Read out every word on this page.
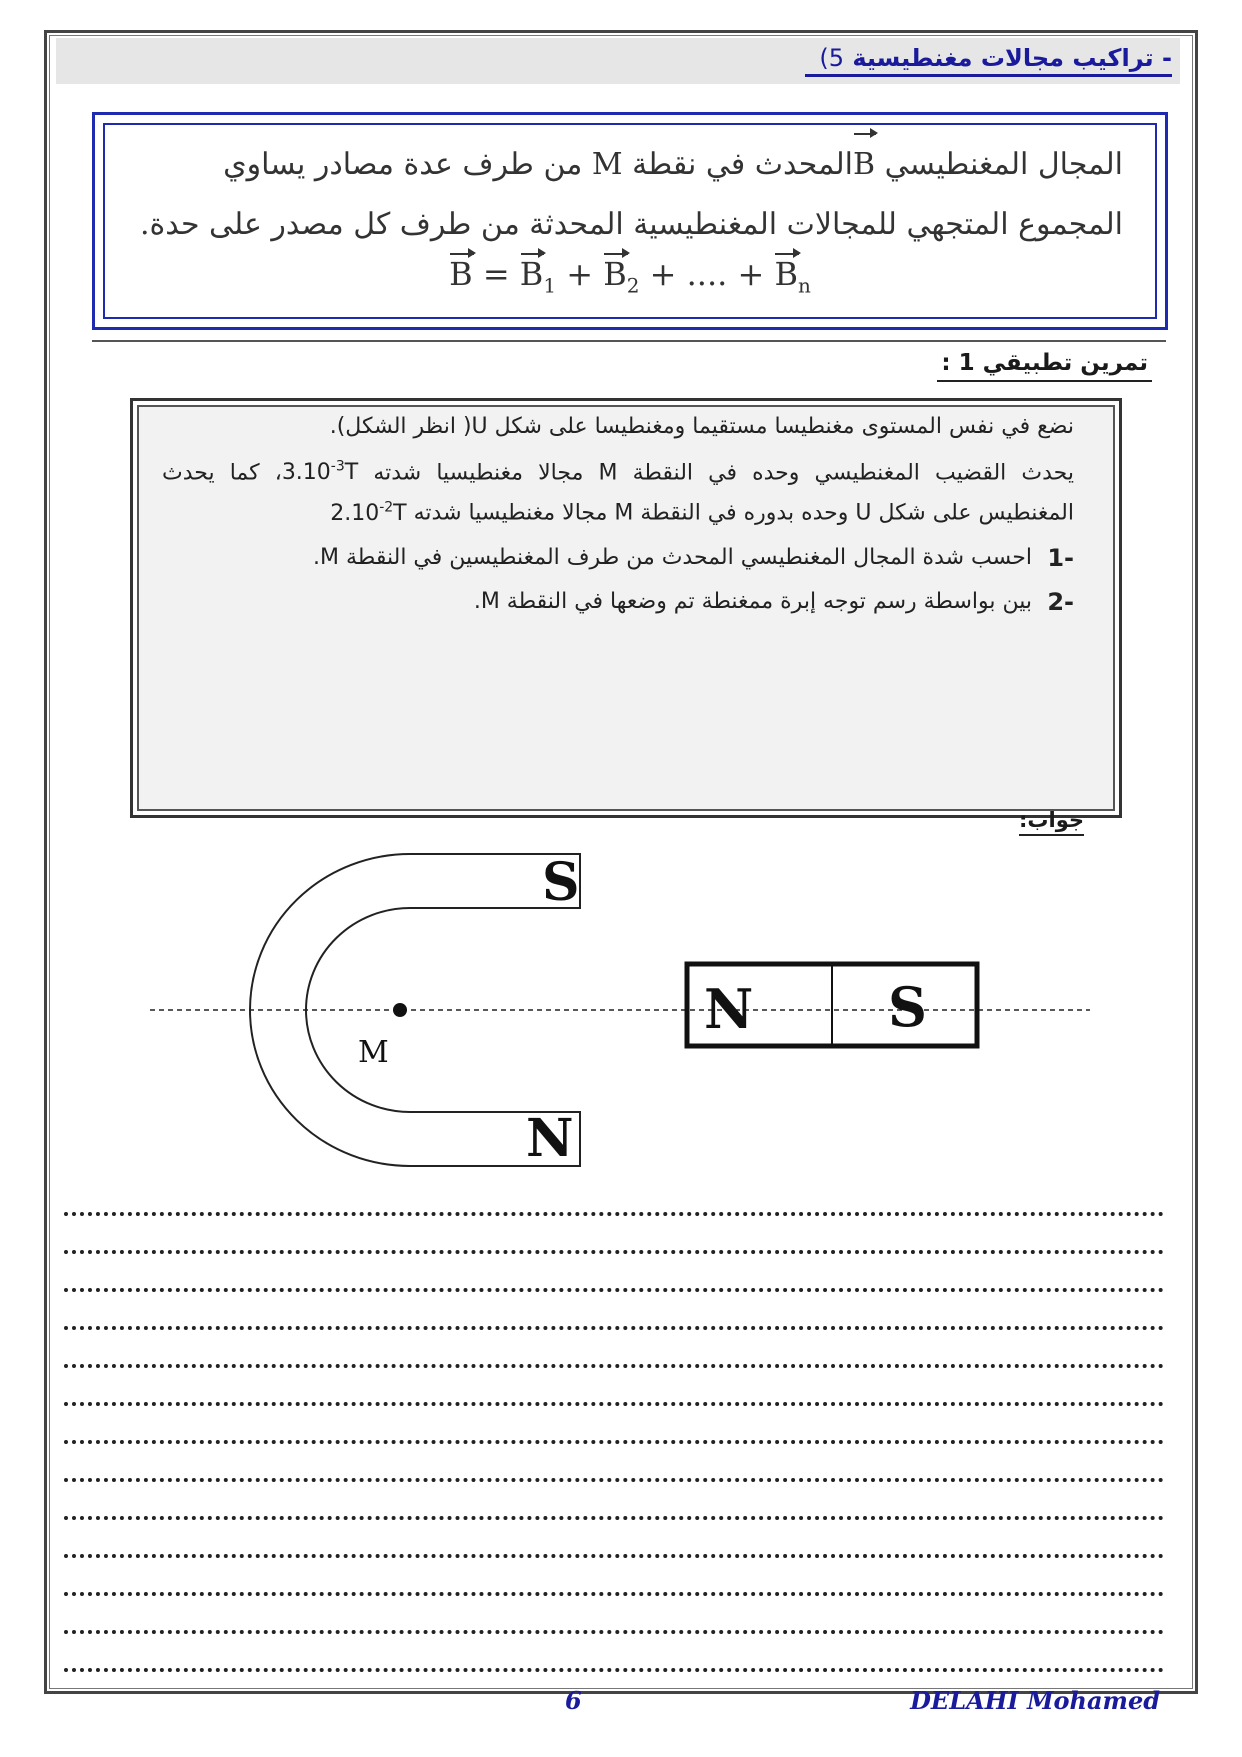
- تراكيب مجالات مغنطيسية 5)
المجال المغنطيسي Bالمحدث في نقطة M من طرف عدة مصادر يساوي المجموع المتجهي للمجالات المغنطيسية المحدثة من طرف كل مصدر على حدة.
$B = B_1 + B_2$ + .... + $B_n$
تمرين تطبيقي 1 :

نضع في نفس المستوى مغنطيسا مستقيما ومغنطيسا على شكل U( انظر الشكل).

يحدث القضيب المغنطيسي وحده في النقطة M مجالا مغنطيسيا شدته $3.10^{-3}T،$ كما يحدث المغنطيس على شكل U وحده بدوره في النقطة M مجالا مغنطيسيا شدته $2.10^{-2}T$

-1
احسب شدة المجال المغنطيسي المحدث من طرف المغنطيسين في النقطة M.

-2
بين بواسطة رسم توجه إبرة ممغنطة تم وضعها في النقطة M.

جواب:
S
N
M
N S
6	DELAHI Mohamed
